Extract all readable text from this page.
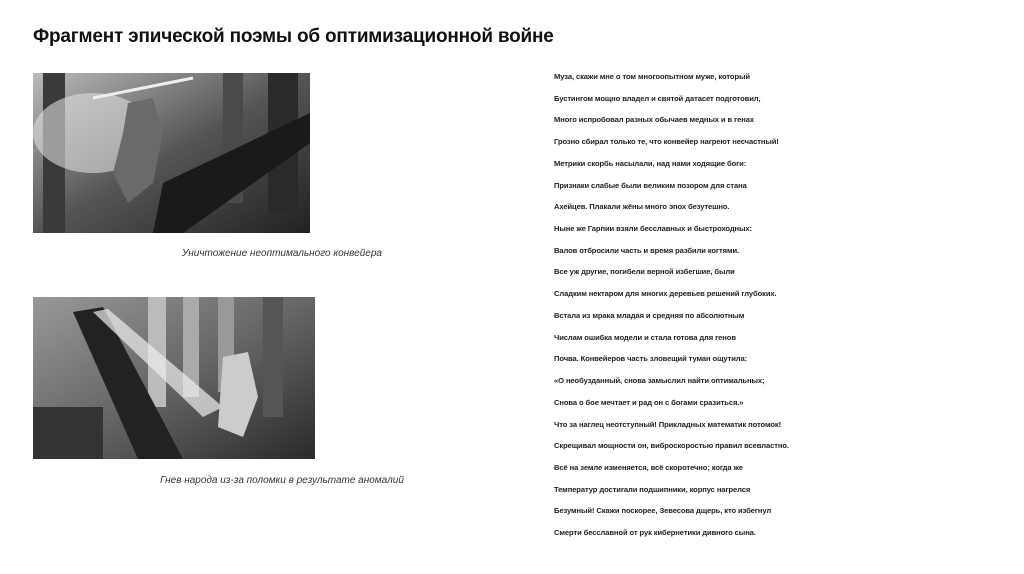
Фрагмент эпической поэмы об оптимизационной войне
Уничтожение неоптимального конвейера
Гнев народа из-за поломки в результате аномалий
Муза, скажи мне о том многоопытном муже, который
Бустингом мощно владел и святой датасет подготовил,
Много испробовал разных обычаев медных и в генах
Грозно сбирал только те, что конвейер нагреют несчастный!
Метрики скорбь насылали, над нами ходящие боги:
Признаки слабые были великим позором для стана
Ахейцев. Плакали жёны много эпох безутешно.
Ныне же Гарпии взяли бесславных и быстроходных:
Валов отбросили часть и время разбили когтями.
Все уж другие, погибели верной избегшие, были
Сладким нектаром для многих деревьев решений глубоких.
Встала из мрака младая и средняя по абсолютным
Числам ошибка модели и стала готова для генов
Почва. Конвейеров часть зловещий туман ощутила:
«О необузданный, снова замыслил найти оптимальных;
Снова о бое мечтает и рад он с богами сразиться.»
Что за наглец неотступный! Прикладных математик потомок!
Скрещивал мощности он, виброскоростью правил всевластно.
Всё на земле изменяется, всё скоротечно; когда же
Температур достигали подшипники, корпус нагрелся
Безумный! Скажи поскорее, Зевесова дщерь, кто избегнул
Смерти бесславной от рук кибернетики дивного сына.
